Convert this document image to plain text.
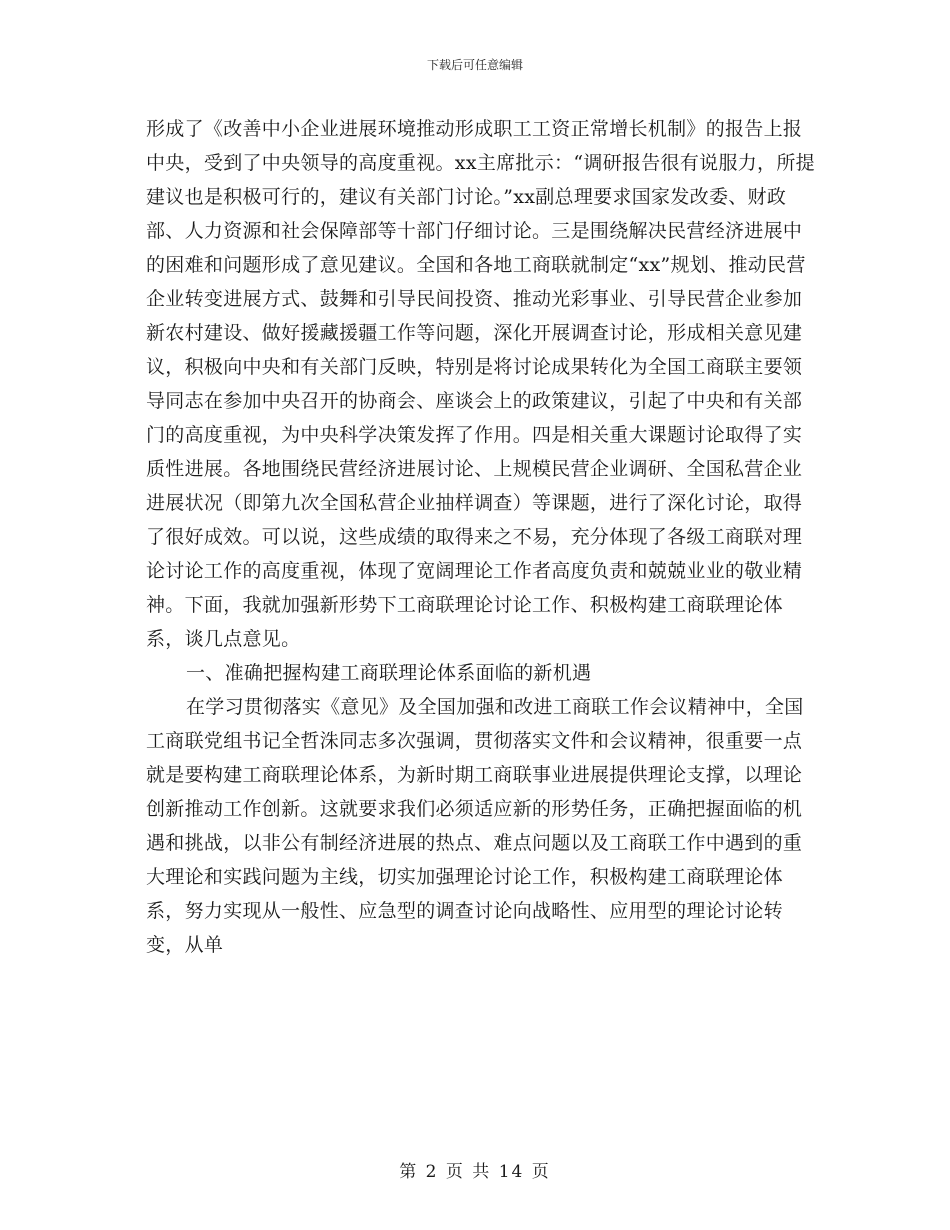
下载后可任意编辑

形成了《改善中小企业进展环境推动形成职工工资正常增长机制》的报告上报中央，受到了中央领导的高度重视。xx主席批示：“调研报告很有说服力，所提建议也是积极可行的，建议有关部门讨论。”xx副总理要求国家发改委、财政部、人力资源和社会保障部等十部门仔细讨论。三是围绕解决民营经济进展中的困难和问题形成了意见建议。全国和各地工商联就制定“xx”规划、推动民营企业转变进展方式、鼓舞和引导民间投资、推动光彩事业、引导民营企业参加新农村建设、做好援藏援疆工作等问题，深化开展调查讨论，形成相关意见建议，积极向中央和有关部门反映，特别是将讨论成果转化为全国工商联主要领导同志在参加中央召开的协商会、座谈会上的政策建议，引起了中央和有关部门的高度重视，为中央科学决策发挥了作用。四是相关重大课题讨论取得了实质性进展。各地围绕民营经济进展讨论、上规模民营企业调研、全国私营企业进展状况（即第九次全国私营企业抽样调查）等课题，进行了深化讨论，取得了很好成效。可以说，这些成绩的取得来之不易，充分体现了各级工商联对理论讨论工作的高度重视，体现了宽阔理论工作者高度负责和兢兢业业的敬业精神。下面，我就加强新形势下工商联理论讨论工作、积极构建工商联理论体系，谈几点意见。

一、准确把握构建工商联理论体系面临的新机遇

在学习贯彻落实《意见》及全国加强和改进工商联工作会议精神中，全国工商联党组书记全哲洙同志多次强调，贯彻落实文件和会议精神，很重要一点就是要构建工商联理论体系，为新时期工商联事业进展提供理论支撑，以理论创新推动工作创新。这就要求我们必须适应新的形势任务，正确把握面临的机遇和挑战，以非公有制经济进展的热点、难点问题以及工商联工作中遇到的重大理论和实践问题为主线，切实加强理论讨论工作，积极构建工商联理论体系，努力实现从一般性、应急型的调查讨论向战略性、应用型的理论讨论转变，从单

第 2 页 共 14 页
